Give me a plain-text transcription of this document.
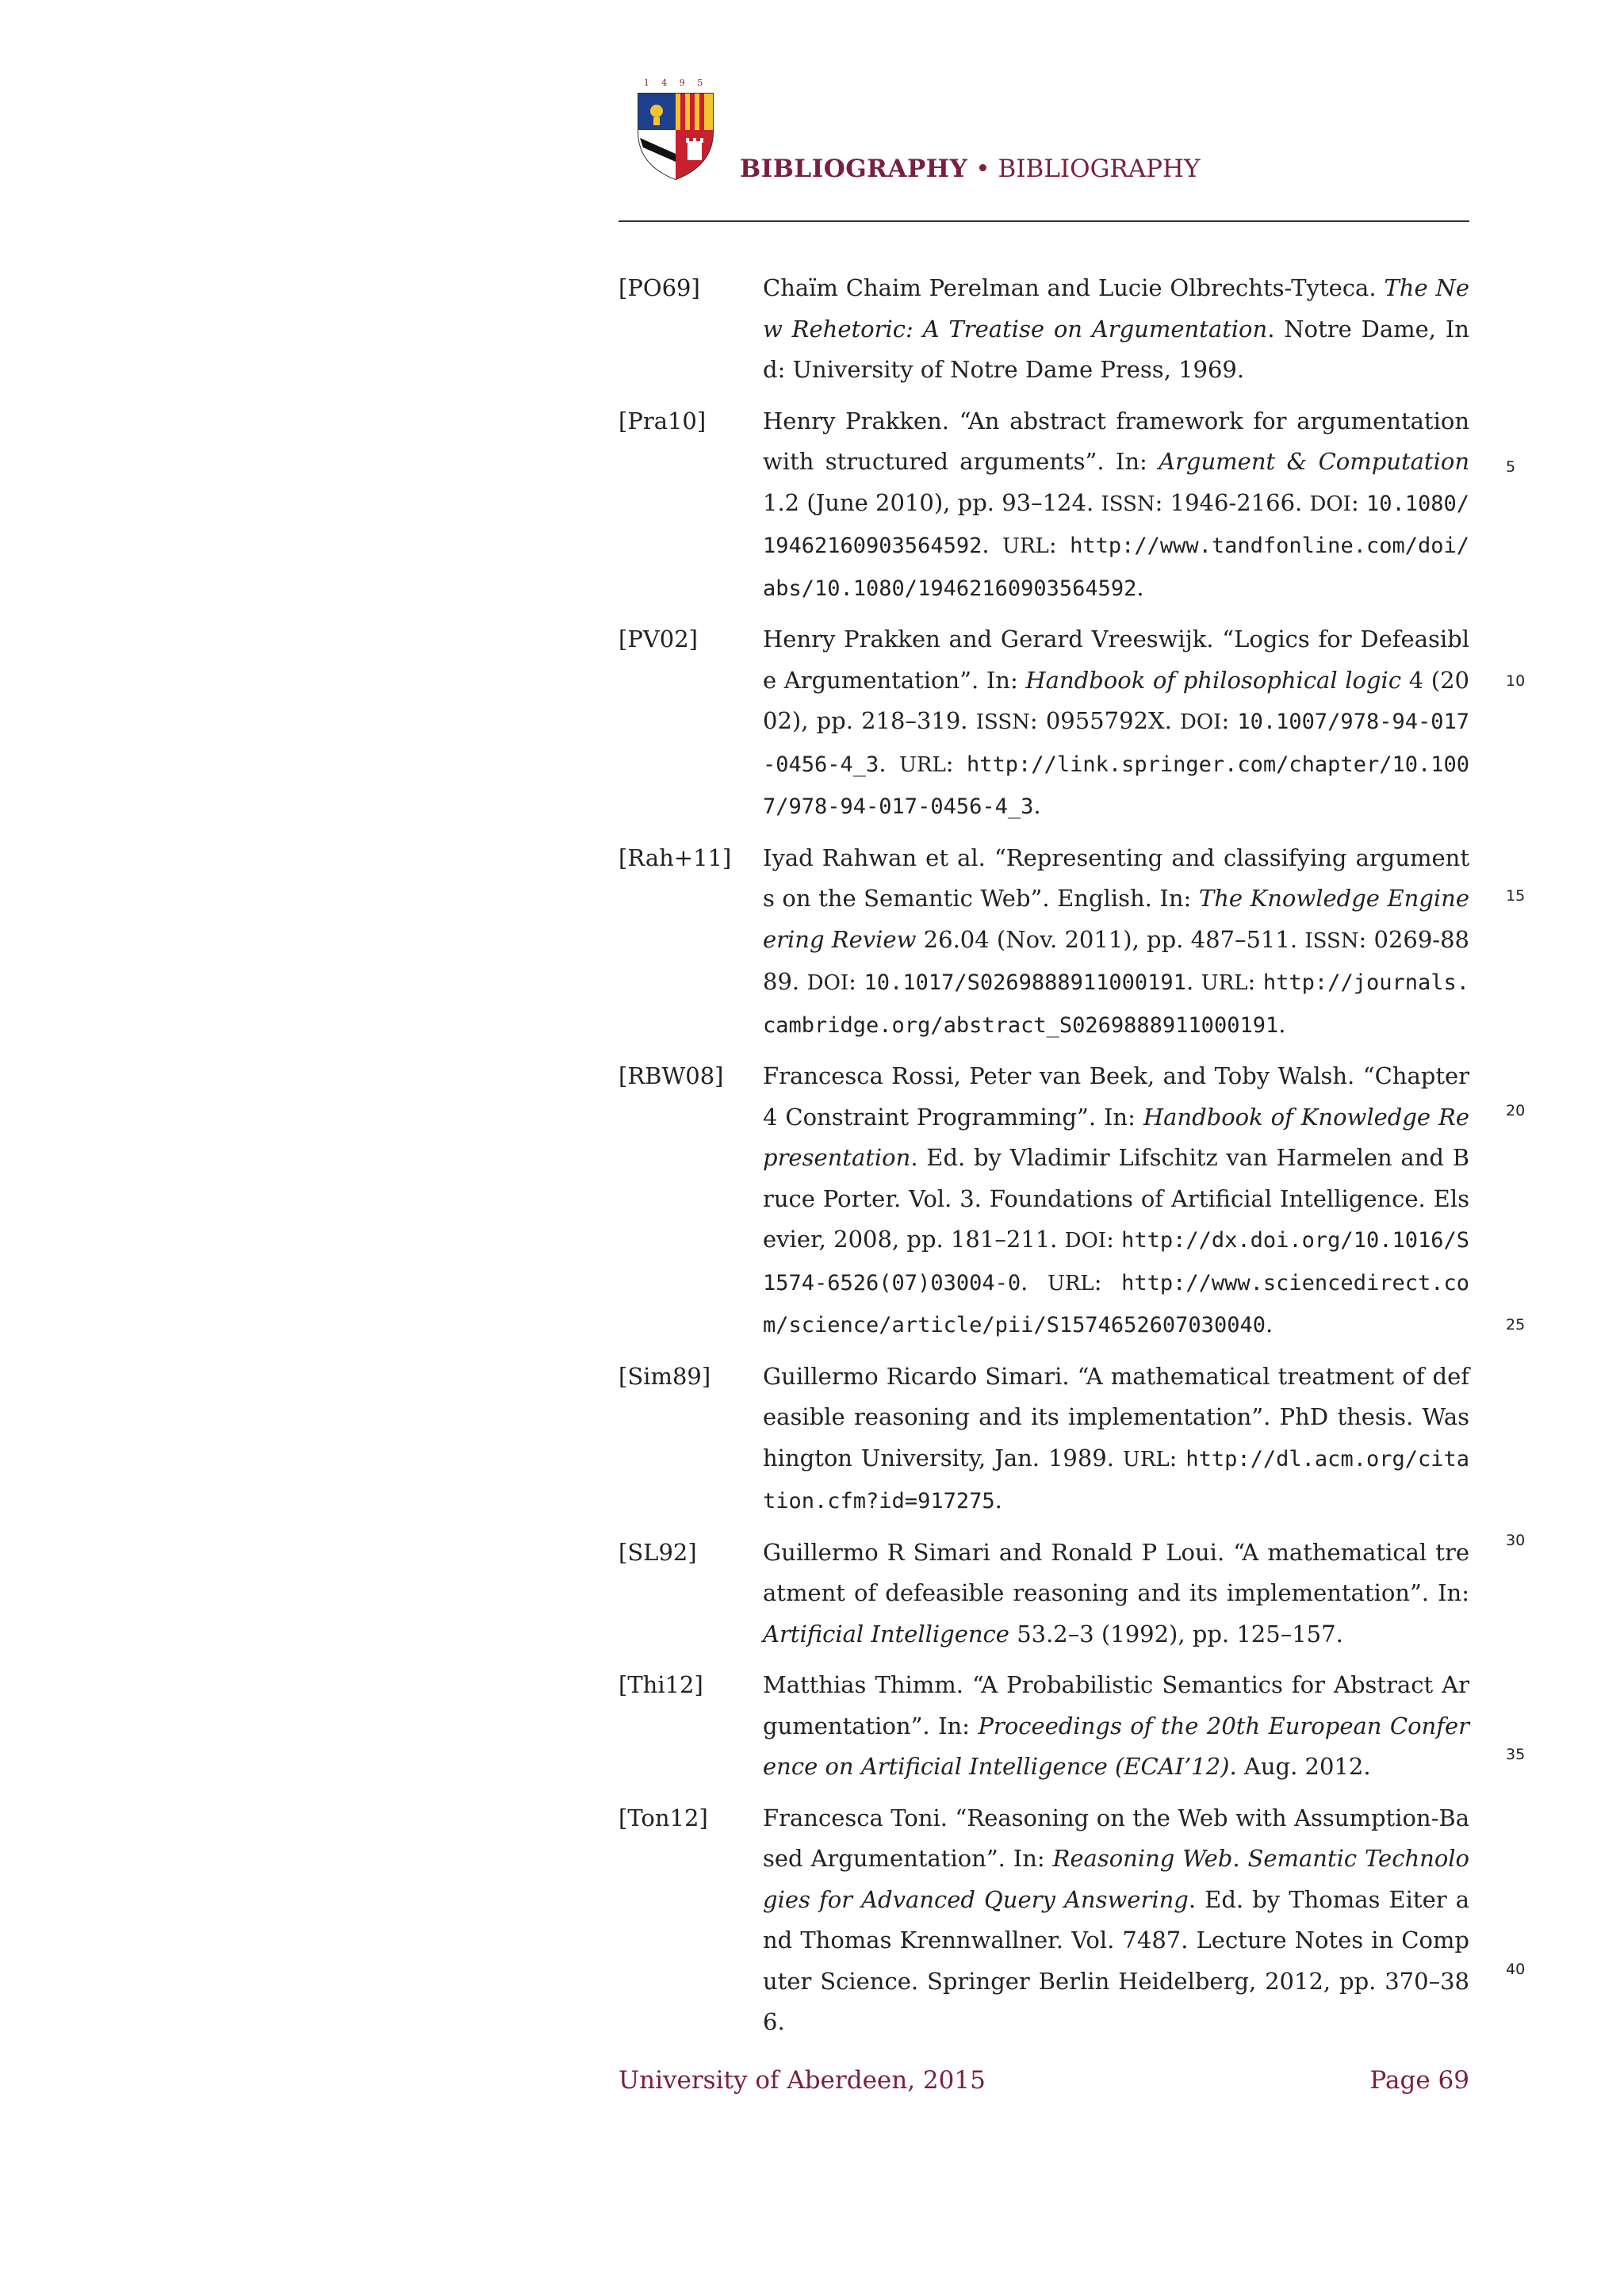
1 4 9 5
BIBLIOGRAPHY • BIBLIOGRAPHY
[PO69]	Chaïm Chaim Perelman and Lucie Olbrechts-Tyteca. The New Rehetoric: A Treatise on Argumentation. Notre Dame, Ind: University of Notre Dame Press, 1969.
[Pra10] Henry Prakken. “An abstract framework for argumentation with structured arguments”. In: Argument & Computation 1.2 (June 2010), pp. 93–124. ISSN: 1946-2166. DOI: 10.1080/19462160903564592. URL: http://www.tandfonline.com/doi/abs/10.1080/19462160903564592.
[PV02]	Henry Prakken and Gerard Vreeswijk. “Logics for Defeasible Argumentation”. In: Handbook of philosophical logic 4 (2002), pp. 218–319. ISSN: 0955792X. DOI: 10.1007/978-94-017-0456-4_3. URL: http://link.springer.com/chapter/10.1007/978-94-017-0456-4_3.
[Rah+11] Iyad Rahwan et al. “Representing and classifying arguments on the Semantic Web”. English. In: The Knowledge Engineering Review 26.04 (Nov. 2011), pp. 487–511. ISSN: 0269-8889. DOI: 10.1017/S0269888911000191. URL: http://journals.cambridge.org/abstract_S0269888911000191.
[RBW08] Francesca Rossi, Peter van Beek, and Toby Walsh. “Chapter 4 Constraint Programming”. In: Handbook of Knowledge Representation. Ed. by Vladimir Lifschitz van Harmelen and Bruce Porter. Vol. 3. Foundations of Artificial Intelligence. Elsevier, 2008, pp. 181–211. DOI: http://dx.doi.org/10.1016/S1574-6526(07)03004-0. URL: http://www.sciencedirect.com/science/article/pii/S1574652607030040.
[Sim89] Guillermo Ricardo Simari. “A mathematical treatment of defeasible reasoning and its implementation”. PhD thesis. Washington University, Jan. 1989. URL: http://dl.acm.org/citation.cfm?id=917275.
[SL92]	Guillermo R Simari and Ronald P Loui. “A mathematical treatment of defeasible reasoning and its implementation”. In: Artificial Intelligence 53.2–3 (1992), pp. 125–157.
[Thi12]	Matthias Thimm. “A Probabilistic Semantics for Abstract Argumentation”. In: Proceedings of the 20th European Conference on Artificial Intelligence (ECAI’12). Aug. 2012.
[Ton12] Francesca Toni. “Reasoning on the Web with Assumption-Based Argumentation”. In: Reasoning Web. Semantic Technologies for Advanced Query Answering. Ed. by Thomas Eiter and Thomas Krennwallner. Vol. 7487. Lecture Notes in Computer Science. Springer Berlin Heidelberg, 2012, pp. 370–386.
5
10
15
20
25
30
35
40
University of Aberdeen, 2015	Page 69
